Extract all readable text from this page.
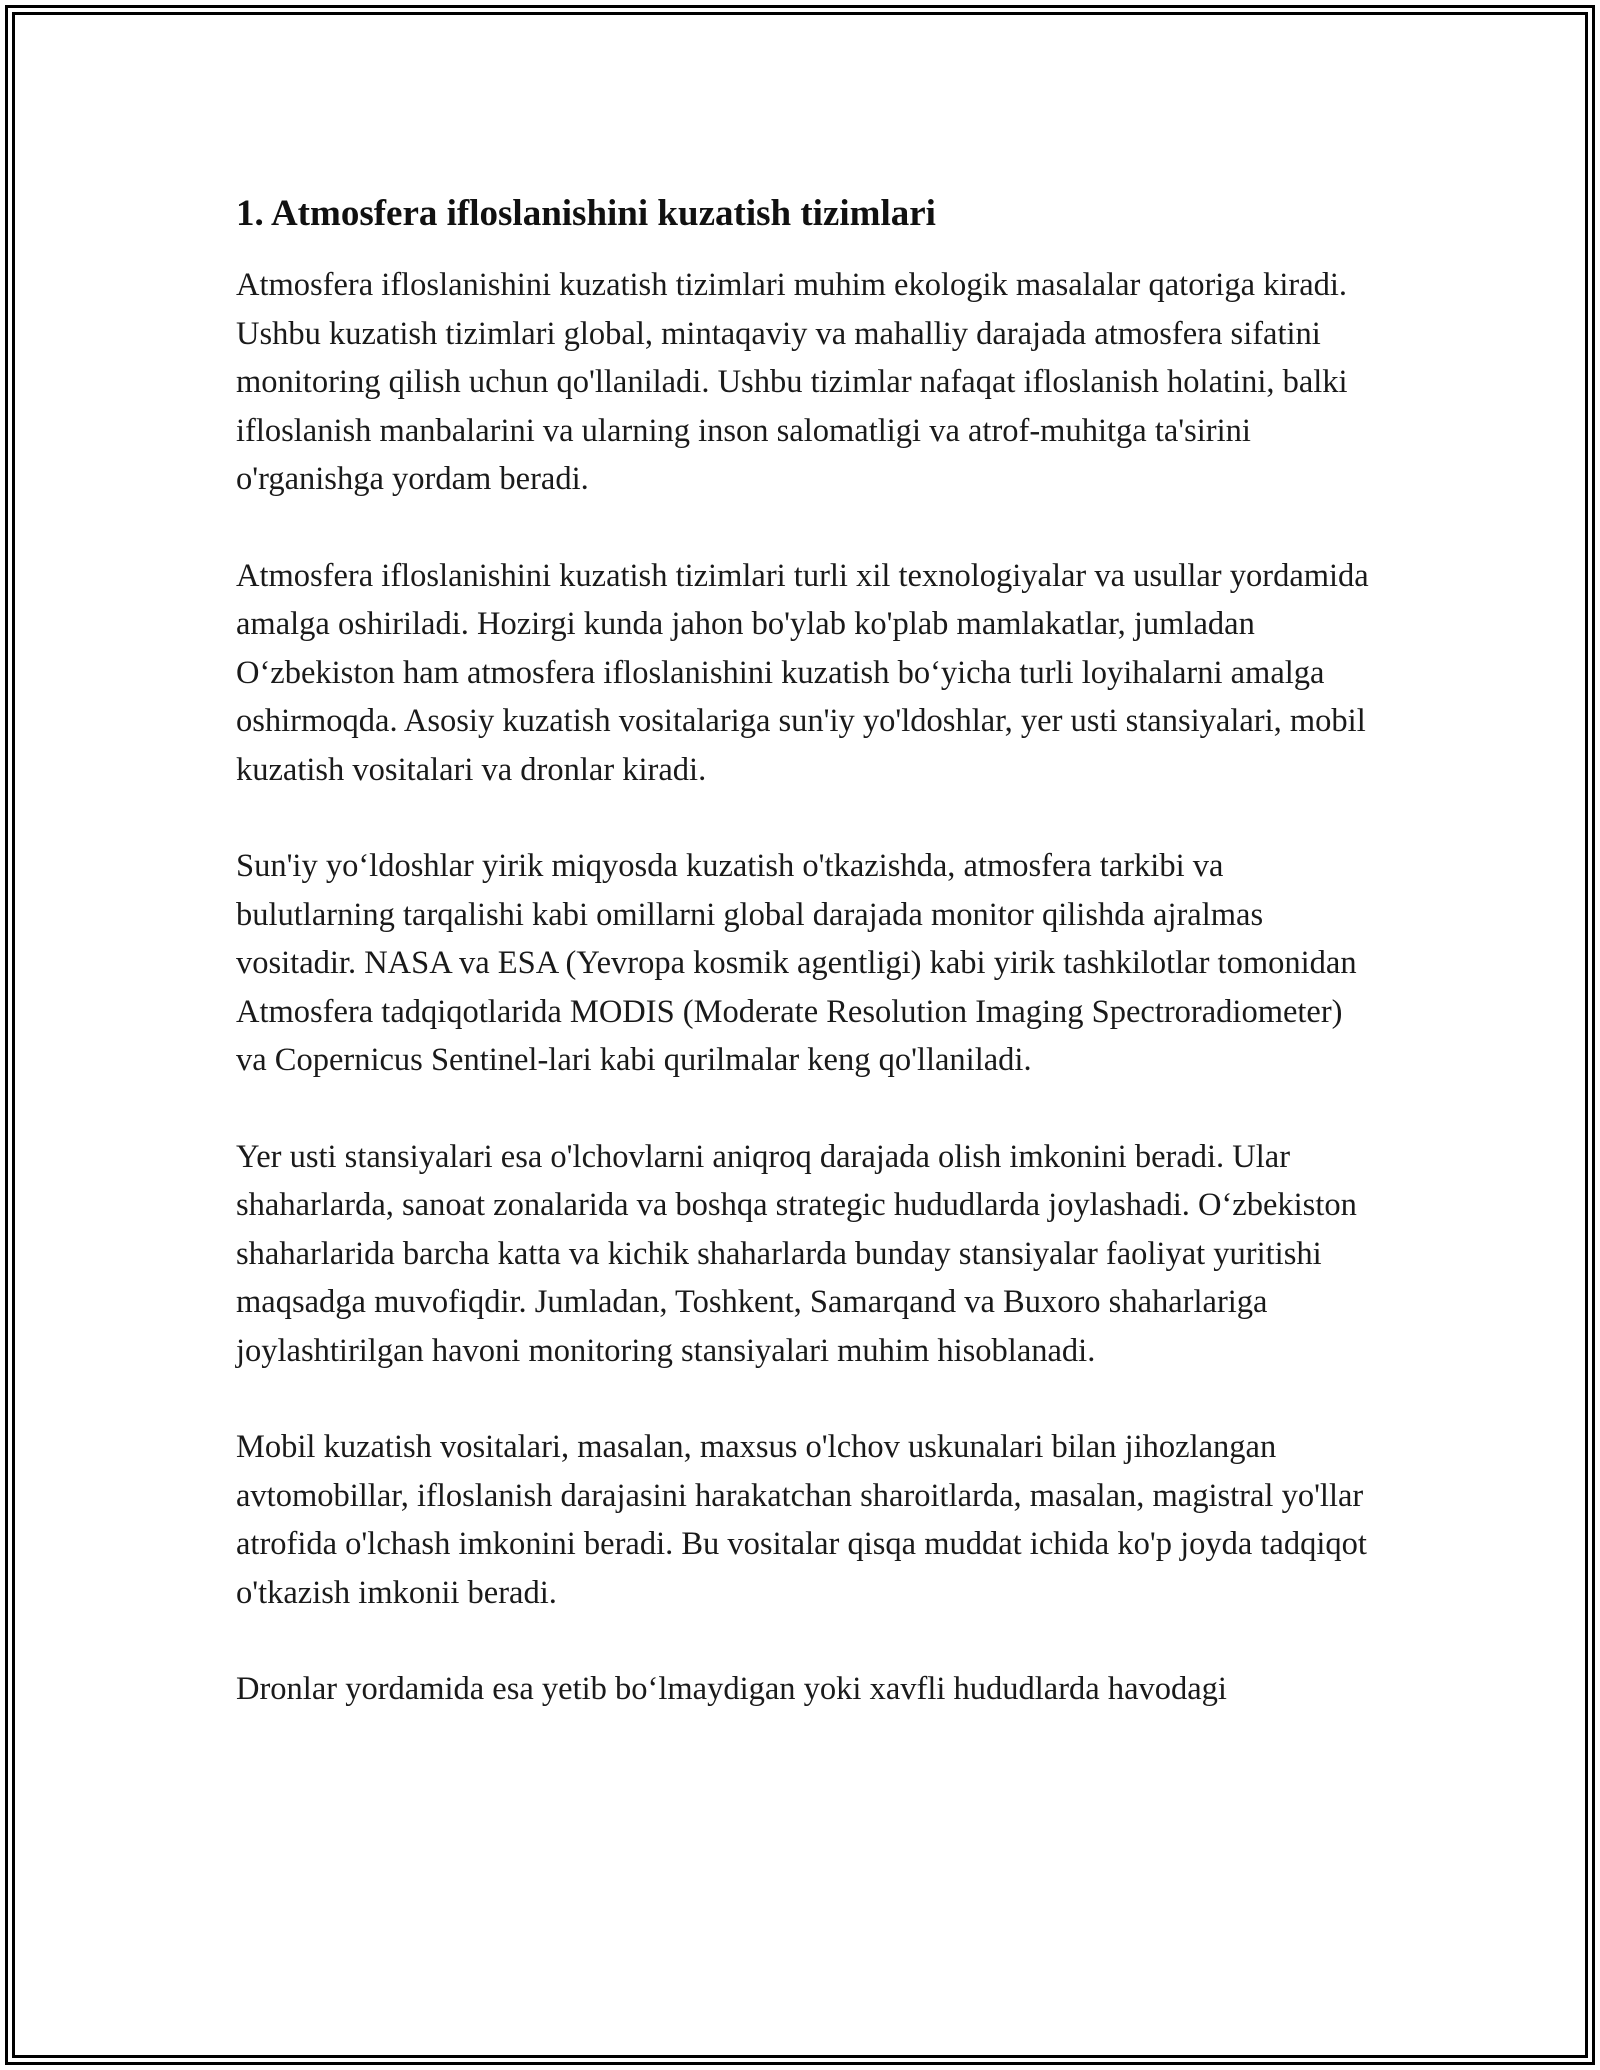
1. Atmosfera ifloslanishini kuzatish tizimlari

Atmosfera ifloslanishini kuzatish tizimlari muhim ekologik masalalar qatoriga kiradi. Ushbu kuzatish tizimlari global, mintaqaviy va mahalliy darajada atmosfera sifatini monitoring qilish uchun qo'llaniladi. Ushbu tizimlar nafaqat ifloslanish holatini, balki ifloslanish manbalarini va ularning inson salomatligi va atrof-muhitga ta'sirini o'rganishga yordam beradi.

Atmosfera ifloslanishini kuzatish tizimlari turli xil texnologiyalar va usullar yordamida amalga oshiriladi. Hozirgi kunda jahon bo'ylab ko'plab mamlakatlar, jumladan O‘zbekiston ham atmosfera ifloslanishini kuzatish bo‘yicha turli loyihalarni amalga oshirmoqda. Asosiy kuzatish vositalariga sun'iy yo'ldoshlar, yer usti stansiyalari, mobil kuzatish vositalari va dronlar kiradi.

Sun'iy yo‘ldoshlar yirik miqyosda kuzatish o'tkazishda, atmosfera tarkibi va bulutlarning tarqalishi kabi omillarni global darajada monitor qilishda ajralmas vositadir. NASA va ESA (Yevropa kosmik agentligi) kabi yirik tashkilotlar tomonidan Atmosfera tadqiqotlarida MODIS (Moderate Resolution Imaging Spectroradiometer) va Copernicus Sentinel-lari kabi qurilmalar keng qo'llaniladi.

Yer usti stansiyalari esa o'lchovlarni aniqroq darajada olish imkonini beradi. Ular shaharlarda, sanoat zonalarida va boshqa strategic hududlarda joylashadi. O‘zbekiston shaharlarida barcha katta va kichik shaharlarda bunday stansiyalar faoliyat yuritishi maqsadga muvofiqdir. Jumladan, Toshkent, Samarqand va Buxoro shaharlariga joylashtirilgan havoni monitoring stansiyalari muhim hisoblanadi.

Mobil kuzatish vositalari, masalan, maxsus o'lchov uskunalari bilan jihozlangan avtomobillar, ifloslanish darajasini harakatchan sharoitlarda, masalan, magistral yo'llar atrofida o'lchash imkonini beradi. Bu vositalar qisqa muddat ichida ko'p joyda tadqiqot o'tkazish imkonii beradi.

Dronlar yordamida esa yetib bo‘lmaydigan yoki xavfli hududlarda havodagi
